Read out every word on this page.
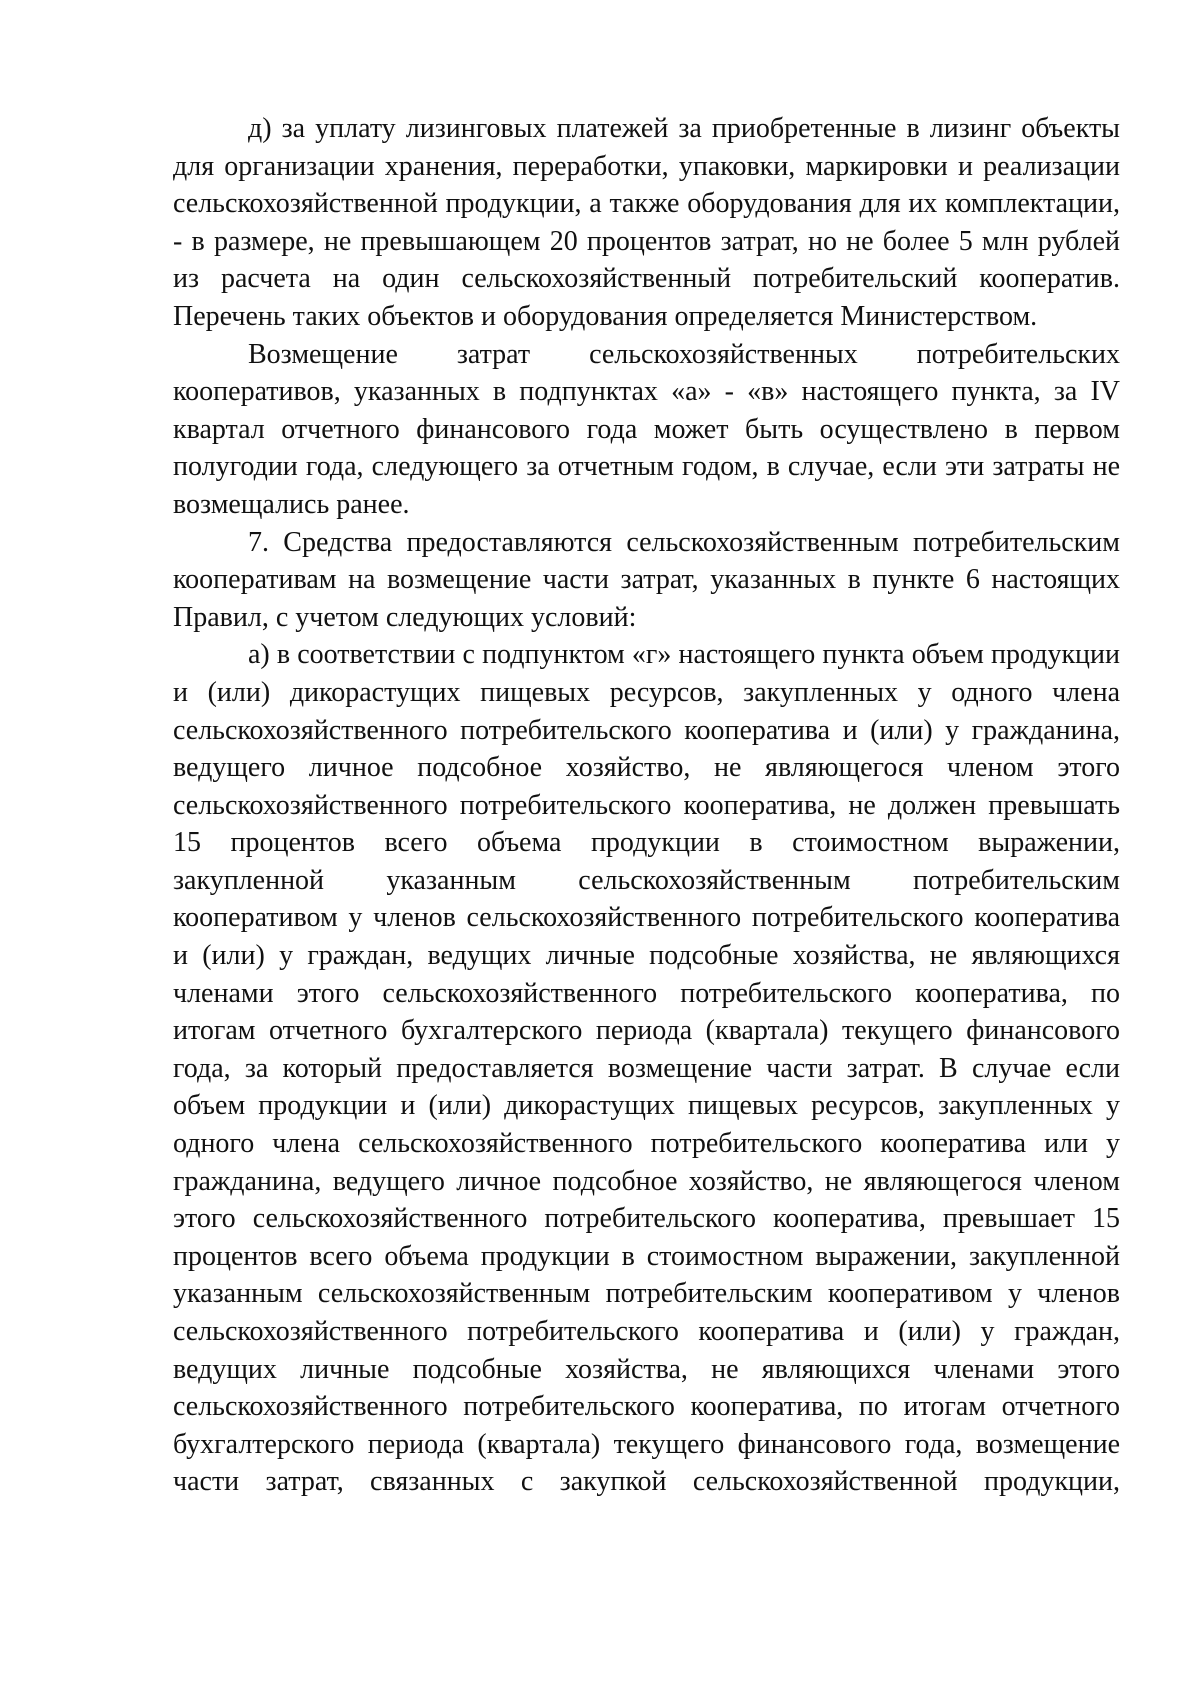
д) за уплату лизинговых платежей за приобретенные в лизинг объекты для организации хранения, переработки, упаковки, маркировки и реализации сельскохозяйственной продукции, а также оборудования для их комплектации, - в размере, не превышающем 20 процентов затрат, но не более 5 млн рублей из расчета на один сельскохозяйственный потребительский кооператив. Перечень таких объектов и оборудования определяется Министерством.

Возмещение затрат сельскохозяйственных потребительских кооперативов, указанных в подпунктах «а» - «в» настоящего пункта, за IV квартал отчетного финансового года может быть осуществлено в первом полугодии года, следующего за отчетным годом, в случае, если эти затраты не возмещались ранее.

7. Средства предоставляются сельскохозяйственным потребительским кооперативам на возмещение части затрат, указанных в пункте 6 настоящих Правил, с учетом следующих условий:

а) в соответствии с подпунктом «г» настоящего пункта объем продукции и (или) дикорастущих пищевых ресурсов, закупленных у одного члена сельскохозяйственного потребительского кооператива и (или) у гражданина, ведущего личное подсобное хозяйство, не являющегося членом этого сельскохозяйственного потребительского кооператива, не должен превышать 15 процентов всего объема продукции в стоимостном выражении, закупленной указанным сельскохозяйственным потребительским кооперативом у членов сельскохозяйственного потребительского кооператива и (или) у граждан, ведущих личные подсобные хозяйства, не являющихся членами этого сельскохозяйственного потребительского кооператива, по итогам отчетного бухгалтерского периода (квартала) текущего финансового года, за который предоставляется возмещение части затрат. В случае если объем продукции и (или) дикорастущих пищевых ресурсов, закупленных у одного члена сельскохозяйственного потребительского кооператива или у гражданина, ведущего личное подсобное хозяйство, не являющегося членом этого сельскохозяйственного потребительского кооператива, превышает 15 процентов всего объема продукции в стоимостном выражении, закупленной указанным сельскохозяйственным потребительским кооперативом у членов сельскохозяйственного потребительского кооператива и (или) у граждан, ведущих личные подсобные хозяйства, не являющихся членами этого сельскохозяйственного потребительского кооператива, по итогам отчетного бухгалтерского периода (квартала) текущего финансового года, возмещение части затрат, связанных с закупкой сельскохозяйственной продукции,
